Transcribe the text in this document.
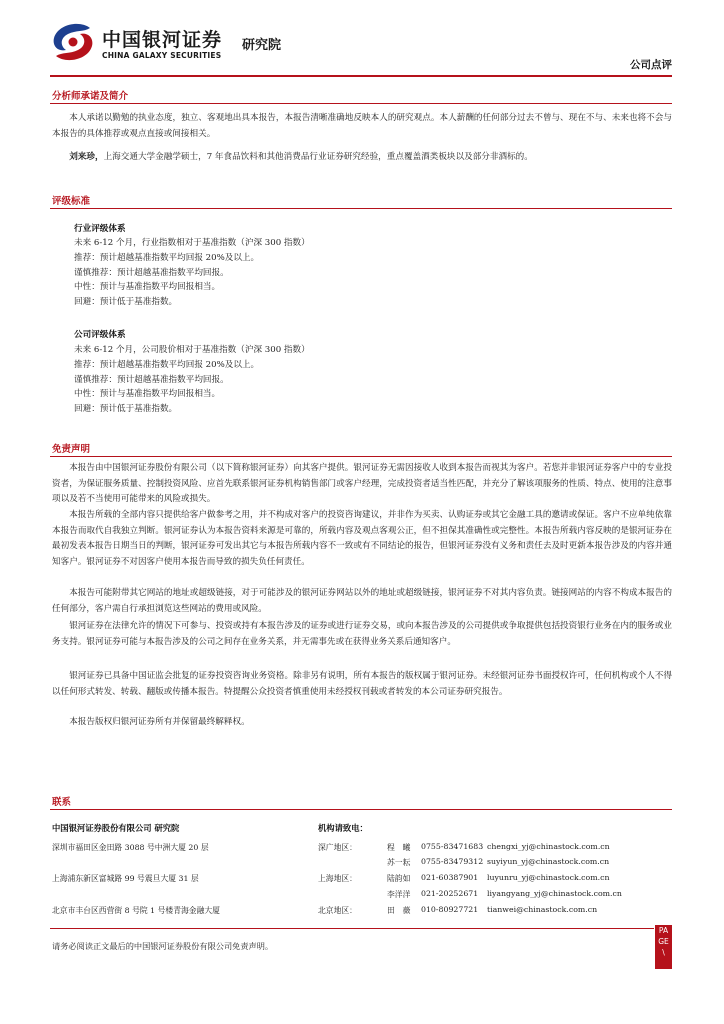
中国银河证券 研究院
CHINA GALAXY SECURITIES
公司点评
分析师承诺及简介

本人承诺以勤勉的执业态度，独立、客观地出具本报告，本报告清晰准确地反映本人的研究观点。本人薪酬的任何部分过去不曾与、现在不与、未来也将不会与本报告的具体推荐或观点直接或间接相关。

刘来珍，上海交通大学金融学硕士，7 年食品饮料和其他消费品行业证券研究经验，重点覆盖酒类板块以及部分非酒标的。

评级标准
行业评级体系
未来 6-12 个月，行业指数相对于基准指数（沪深 300 指数）
推荐：预计超越基准指数平均回报 20%及以上。
谨慎推荐：预计超越基准指数平均回报。
中性：预计与基准指数平均回报相当。
回避：预计低于基准指数。
公司评级体系
未来 6-12 个月，公司股价相对于基准指数（沪深 300 指数）
推荐：预计超越基准指数平均回报 20%及以上。
谨慎推荐：预计超越基准指数平均回报。
中性：预计与基准指数平均回报相当。
回避：预计低于基准指数。
免责声明

本报告由中国银河证券股份有限公司（以下简称银河证券）向其客户提供。银河证券无需因接收人收到本报告而视其为客户。若您并非银河证券客户中的专业投资者，为保证服务质量、控制投资风险、应首先联系银河证券机构销售部门或客户经理，完成投资者适当性匹配，并充分了解该项服务的性质、特点、使用的注意事项以及若不当使用可能带来的风险或损失。

本报告所载的全部内容只提供给客户做参考之用，并不构成对客户的投资咨询建议，并非作为买卖、认购证券或其它金融工具的邀请或保证。客户不应单纯依靠本报告而取代自我独立判断。银河证券认为本报告资料来源是可靠的，所载内容及观点客观公正，但不担保其准确性或完整性。本报告所载内容反映的是银河证券在最初发表本报告日期当日的判断，银河证券可发出其它与本报告所载内容不一致或有不同结论的报告，但银河证券没有义务和责任去及时更新本报告涉及的内容并通知客户。银河证券不对因客户使用本报告而导致的损失负任何责任。

本报告可能附带其它网站的地址或超级链接，对于可能涉及的银河证券网站以外的地址或超级链接，银河证券不对其内容负责。链接网站的内容不构成本报告的任何部分，客户需自行承担浏览这些网站的费用或风险。

银河证券在法律允许的情况下可参与、投资或持有本报告涉及的证券或进行证券交易，或向本报告涉及的公司提供或争取提供包括投资银行业务在内的服务或业务支持。银河证券可能与本报告涉及的公司之间存在业务关系，并无需事先或在获得业务关系后通知客户。

银河证券已具备中国证监会批复的证券投资咨询业务资格。除非另有说明，所有本报告的版权属于银河证券。未经银河证券书面授权许可，任何机构或个人不得以任何形式转发、转载、翻版或传播本报告。特提醒公众投资者慎重使用未经授权刊载或者转发的本公司证券研究报告。

本报告版权归银河证券所有并保留最终解释权。

联系
中国银河证券股份有限公司 研究院
深圳市福田区金田路 3088 号中洲大厦 20 层
上海浦东新区富城路 99 号震旦大厦 31 层
北京市丰台区西营街 8 号院 1 号楼青海金融大厦
机构请致电：
深广地区：	程　曦 0755-83471683 chengxi_yj@chinastock.com.cn
苏一耘 0755-83479312 suyiyun_yj@chinastock.com.cn
上海地区：	陆韵如 021-60387901 luyunru_yj@chinastock.com.cn
李洋洋 021-20252671 liyangyang_yj@chinastock.com.cn
北京地区：	田　薇 010-80927721 tianwei@chinastock.com.cn
请务必阅读正文最后的中国银河证券股份有限公司免责声明。
PA
GE
\
